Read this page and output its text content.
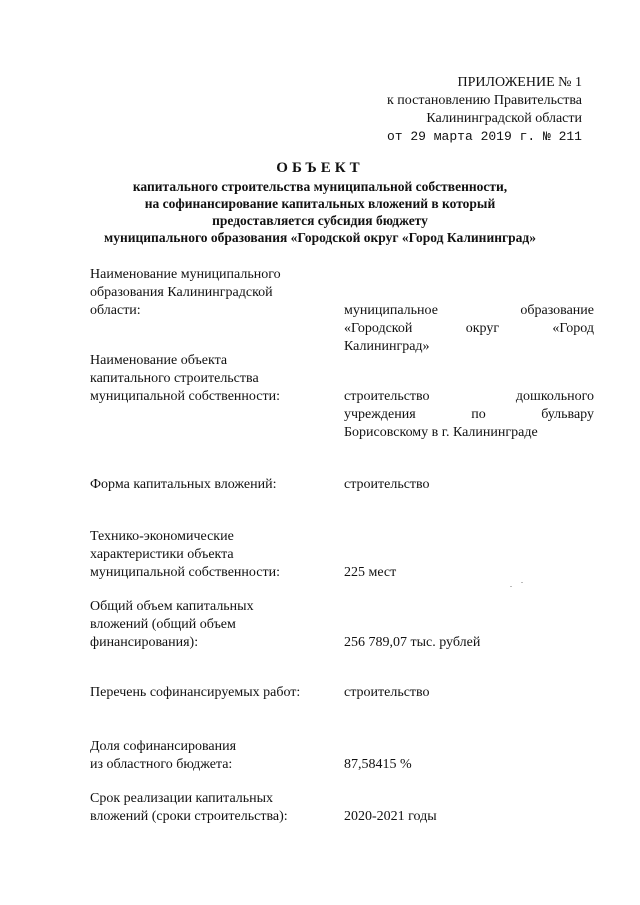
ПРИЛОЖЕНИЕ № 1
к постановлению Правительства
Калининградской области
от 29 марта 2019 г. № 211
ОБЪЕКТ
капитального строительства муниципальной собственности,
на софинансирование капитальных вложений в который
предоставляется субсидия бюджету
муниципального образования «Городской округ «Город Калининград»
Наименование муниципального
образования Калининградской
области:	муниципальное образование
«Городской округ «Город
Калининград»
Наименование объекта
капитального строительства
муниципальной собственности:	строительство дошкольного
учреждения по бульвару
Борисовскому в г. Калининграде
Форма капитальных вложений:	строительство
Технико-экономические
характеристики объекта
муниципальной собственности:	225 мест
Общий объем капитальных
вложений (общий объем
финансирования):	256 789,07 тыс. рублей
Перечень софинансируемых работ:	строительство
Доля софинансирования
из областного бюджета:	87,58415 %
Срок реализации капитальных
вложений (сроки строительства):	2020-2021 годы
